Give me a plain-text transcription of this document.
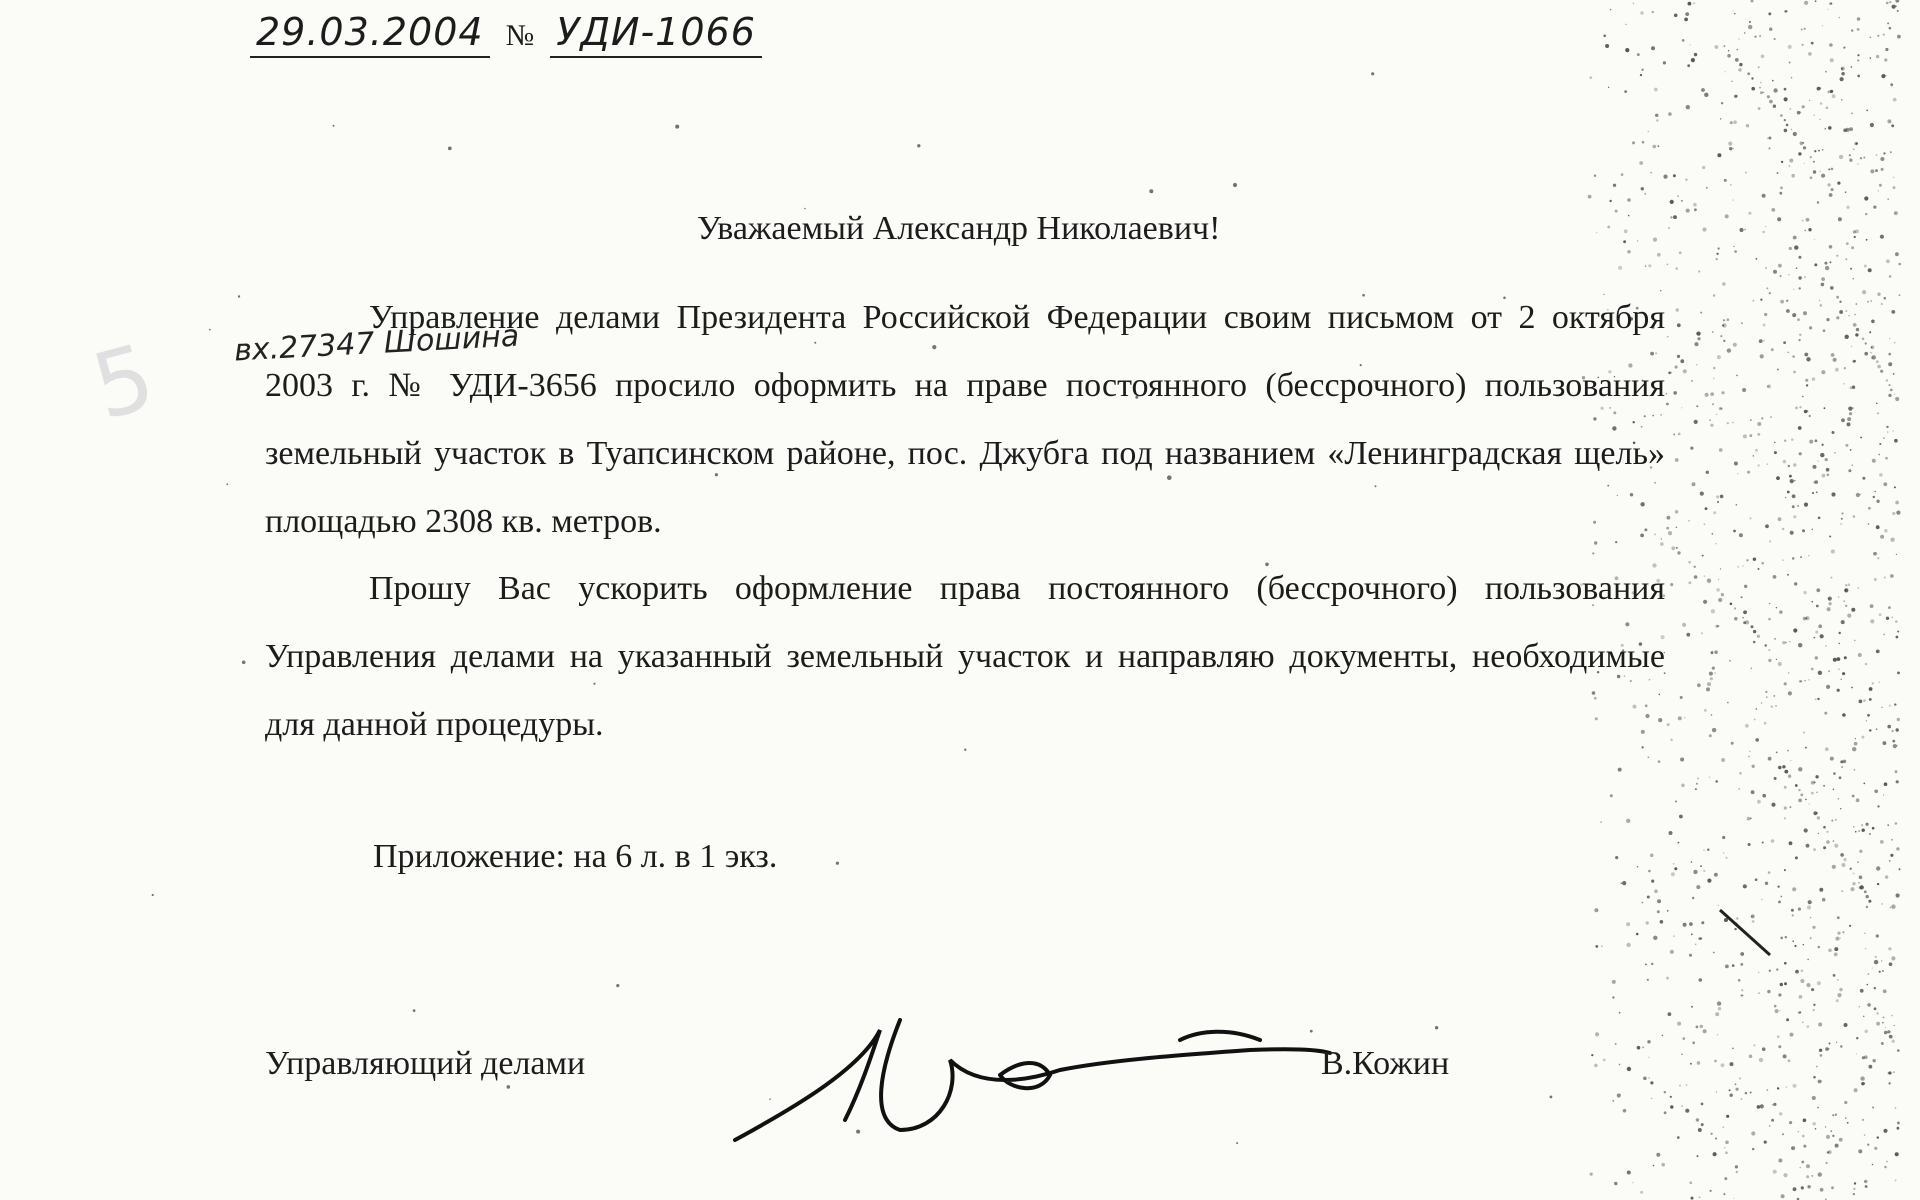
5
29.03.2004 № УДИ-1066
Уважаемый Александр Николаевич!
вх.27347 Шошина
Управление делами Президента Российской Федерации своим письмом от 2 октября 2003 г. № УДИ-3656 просило оформить на праве постоянного (бессрочного) пользования земельный участок в Туапсинском районе, пос. Джубга под названием «Ленинградская щель» площадью 2308 кв. метров.
Прошу Вас ускорить оформление права постоянного (бессрочного) пользования Управления делами на указанный земельный участок и направляю документы, необходимые для данной процедуры.
Приложение: на 6 л. в 1 экз.
Управляющий делами	В.Кожин
